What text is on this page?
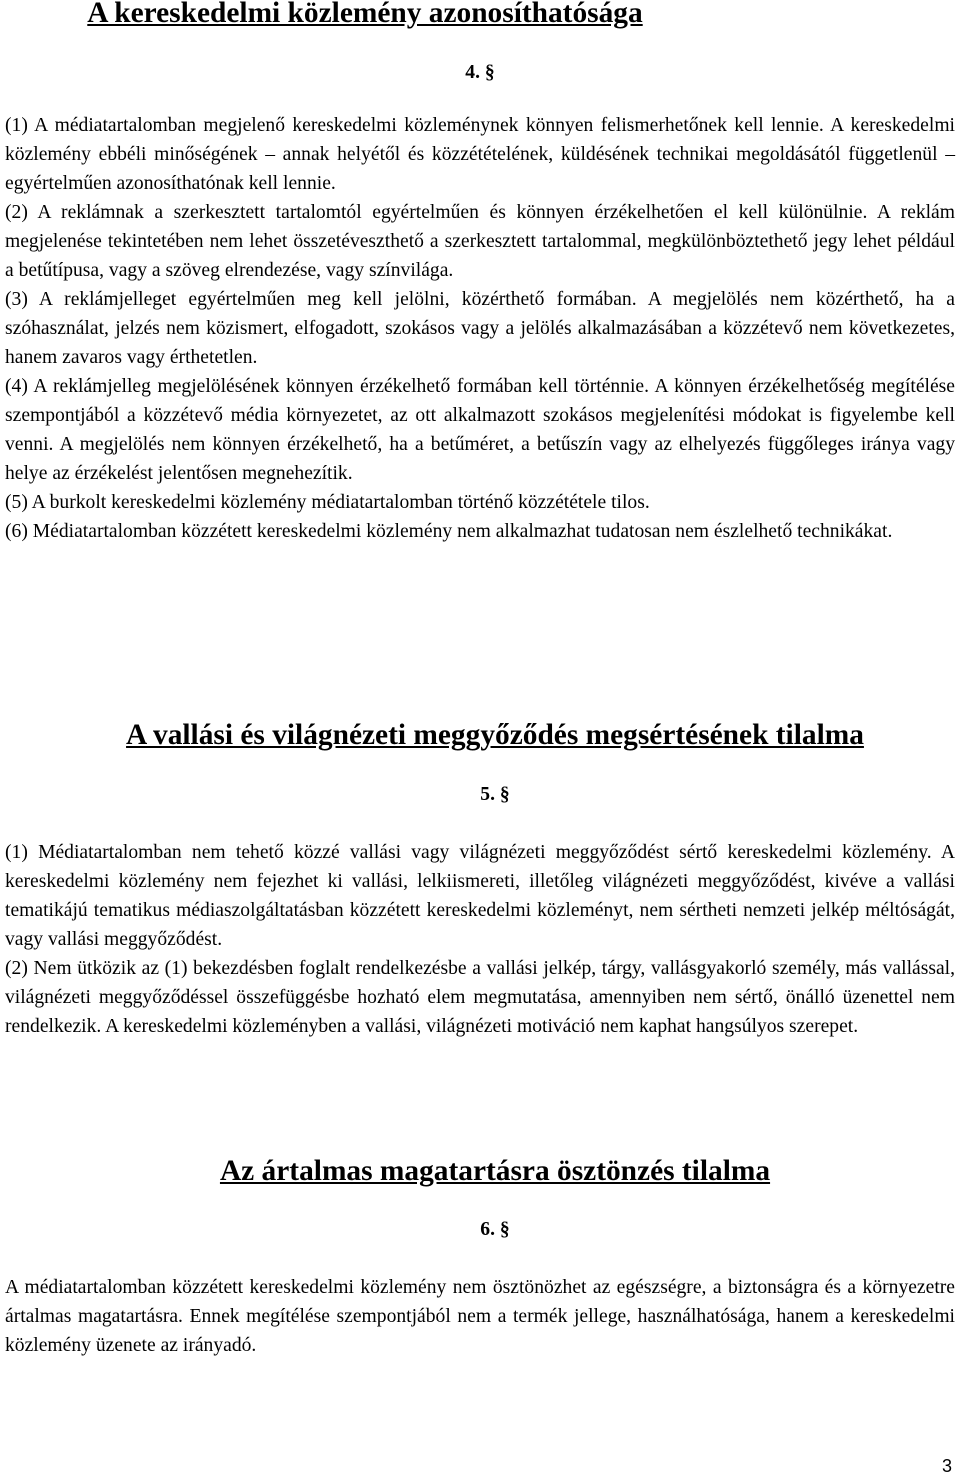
A kereskedelmi közlemény azonosíthatósága

4. §

(1) A médiatartalomban megjelenő kereskedelmi közleménynek könnyen felismerhetőnek kell lennie. A kereskedelmi közlemény ebbéli minőségének – annak helyétől és közzétételének, küldésének technikai megoldásától függetlenül – egyértelműen azonosíthatónak kell lennie.

(2) A reklámnak a szerkesztett tartalomtól egyértelműen és könnyen érzékelhetően el kell különülnie. A reklám megjelenése tekintetében nem lehet összetéveszthető a szerkesztett tartalommal, megkülönböztethető jegy lehet például a betűtípusa, vagy a szöveg elrendezése, vagy színvilága.

(3) A reklámjelleget egyértelműen meg kell jelölni, közérthető formában. A megjelölés nem közérthető, ha a szóhasználat, jelzés nem közismert, elfogadott, szokásos vagy a jelölés alkalmazásában a közzétevő nem következetes, hanem zavaros vagy érthetetlen.

(4) A reklámjelleg megjelölésének könnyen érzékelhető formában kell történnie. A könnyen érzékelhetőség megítélése szempontjából a közzétevő média környezetet, az ott alkalmazott szokásos megjelenítési módokat is figyelembe kell venni. A megjelölés nem könnyen érzékelhető, ha a betűméret, a betűszín vagy az elhelyezés függőleges iránya vagy helye az érzékelést jelentősen megnehezítik.

(5) A burkolt kereskedelmi közlemény médiatartalomban történő közzététele tilos.

(6) Médiatartalomban közzétett kereskedelmi közlemény nem alkalmazhat tudatosan nem észlelhető technikákat.

A vallási és világnézeti meggyőződés megsértésének tilalma

5. §

(1) Médiatartalomban nem tehető közzé vallási vagy világnézeti meggyőződést sértő kereskedelmi közlemény. A kereskedelmi közlemény nem fejezhet ki vallási, lelkiismereti, illetőleg világnézeti meggyőződést, kivéve a vallási tematikájú tematikus médiaszolgáltatásban közzétett kereskedelmi közleményt, nem sértheti nemzeti jelkép méltóságát, vagy vallási meggyőződést.

(2) Nem ütközik az (1) bekezdésben foglalt rendelkezésbe a vallási jelkép, tárgy, vallásgyakorló személy, más vallással, világnézeti meggyőződéssel összefüggésbe hozható elem megmutatása, amennyiben nem sértő, önálló üzenettel nem rendelkezik. A kereskedelmi közleményben a vallási, világnézeti motiváció nem kaphat hangsúlyos szerepet.

Az ártalmas magatartásra ösztönzés tilalma

6. §

A médiatartalomban közzétett kereskedelmi közlemény nem ösztönözhet az egészségre, a biztonságra és a környezetre ártalmas magatartásra. Ennek megítélése szempontjából nem a termék jellege, használhatósága, hanem a kereskedelmi közlemény üzenete az irányadó.

3
